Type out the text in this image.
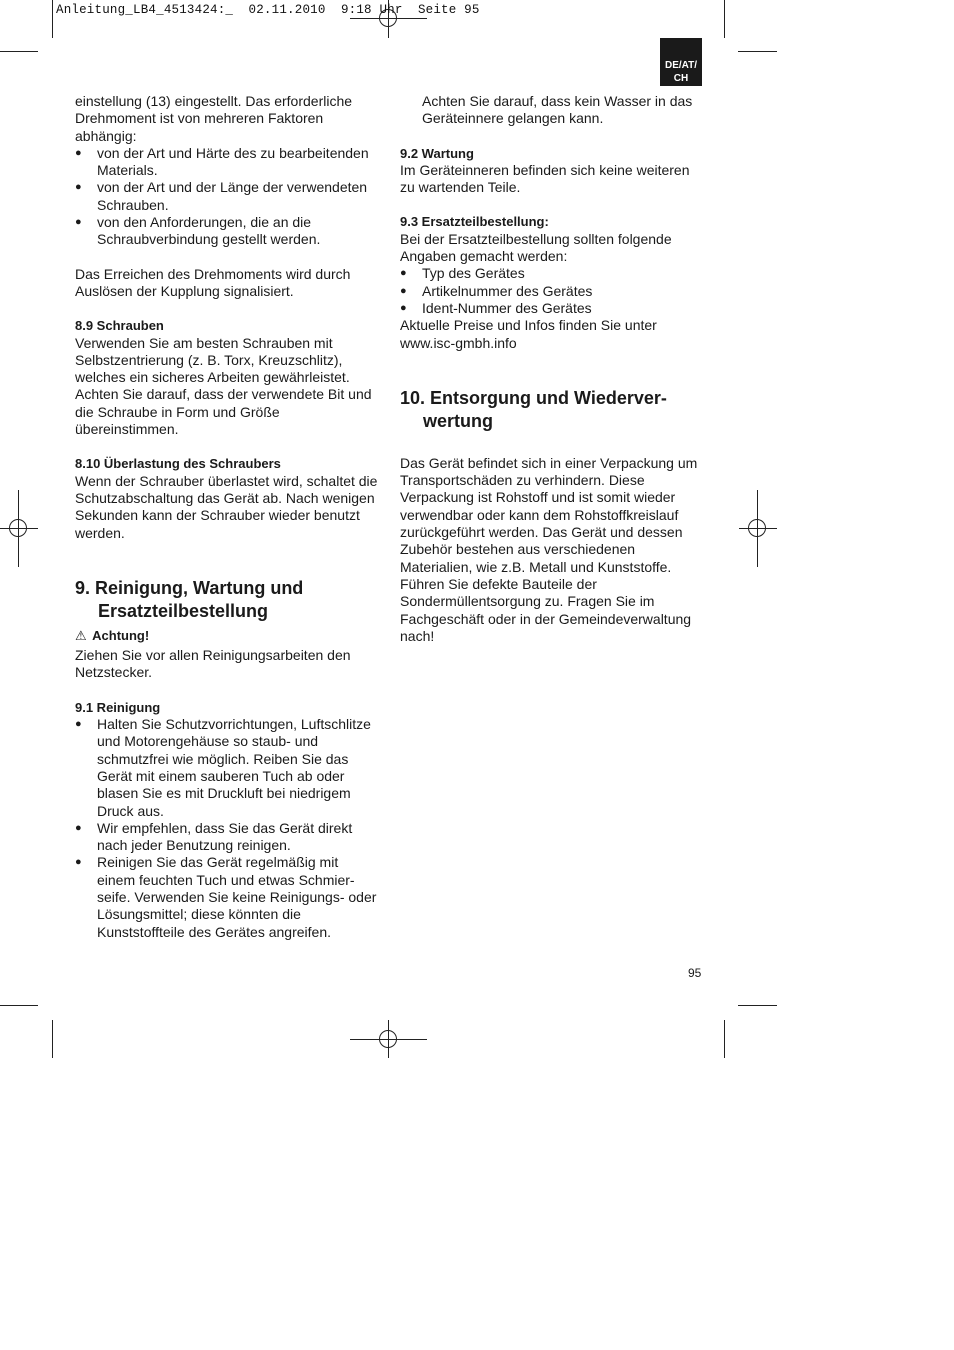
Anleitung_LB4_4513424:_  02.11.2010  9:18 Uhr  Seite 95
DE/AT/
CH

einstellung (13) eingestellt. Das erforderliche Drehmoment ist von mehreren Faktoren abhängig:

● von der Art und Härte des zu bearbeitenden Materials.
● von der Art und der Länge der verwendeten Schrauben.
● von den Anforderungen, die an die Schraubverbindung gestellt werden.

Das Erreichen des Drehmoments wird durch Auslösen der Kupplung signalisiert.

8.9 Schrauben

Verwenden Sie am besten Schrauben mit Selbstzentrierung (z. B. Torx, Kreuzschlitz), welches ein sicheres Arbeiten gewährleistet. Achten Sie darauf, dass der verwendete Bit und die Schraube in Form und Größe übereinstimmen.

8.10 Überlastung des Schraubers

Wenn der Schrauber überlastet wird, schaltet die Schutzabschaltung das Gerät ab. Nach wenigen Sekunden kann der Schrauber wieder benutzt werden.

9. Reinigung, Wartung und Ersatzteilbestellung

⚠ Achtung!

Ziehen Sie vor allen Reinigungsarbeiten den Netzstecker.

9.1 Reinigung

● Halten Sie Schutzvorrichtungen, Luftschlitze und Motorengehäuse so staub- und schmutzfrei wie möglich. Reiben Sie das Gerät mit einem sauberen Tuch ab oder blasen Sie es mit Druckluft bei niedrigem Druck aus.
● Wir empfehlen, dass Sie das Gerät direkt nach jeder Benutzung reinigen.
● Reinigen Sie das Gerät regelmäßig mit einem feuchten Tuch und etwas Schmierseife. Verwenden Sie keine Reinigungs- oder Lösungsmittel; diese könnten die Kunststoffteile des Gerätes angreifen.
Achten Sie darauf, dass kein Wasser in das Geräteinnere gelangen kann.

9.2 Wartung

Im Geräteinneren befinden sich keine weiteren zu wartenden Teile.

9.3 Ersatzteilbestellung:

Bei der Ersatzteilbestellung sollten folgende Angaben gemacht werden:

● Typ des Gerätes
● Artikelnummer des Gerätes
● Ident-Nummer des Gerätes

Aktuelle Preise und Infos finden Sie unter www.isc-gmbh.info

10. Entsorgung und Wiederverwertung

Das Gerät befindet sich in einer Verpackung um Transportschäden zu verhindern. Diese Verpackung ist Rohstoff und ist somit wieder verwendbar oder kann dem Rohstoffkreislauf zurückgeführt werden. Das Gerät und dessen Zubehör bestehen aus verschiedenen Materialien, wie z.B. Metall und Kunststoffe. Führen Sie defekte Bauteile der Sondermüllentsorgung zu. Fragen Sie im Fachgeschäft oder in der Gemeindeverwaltung nach!

95
